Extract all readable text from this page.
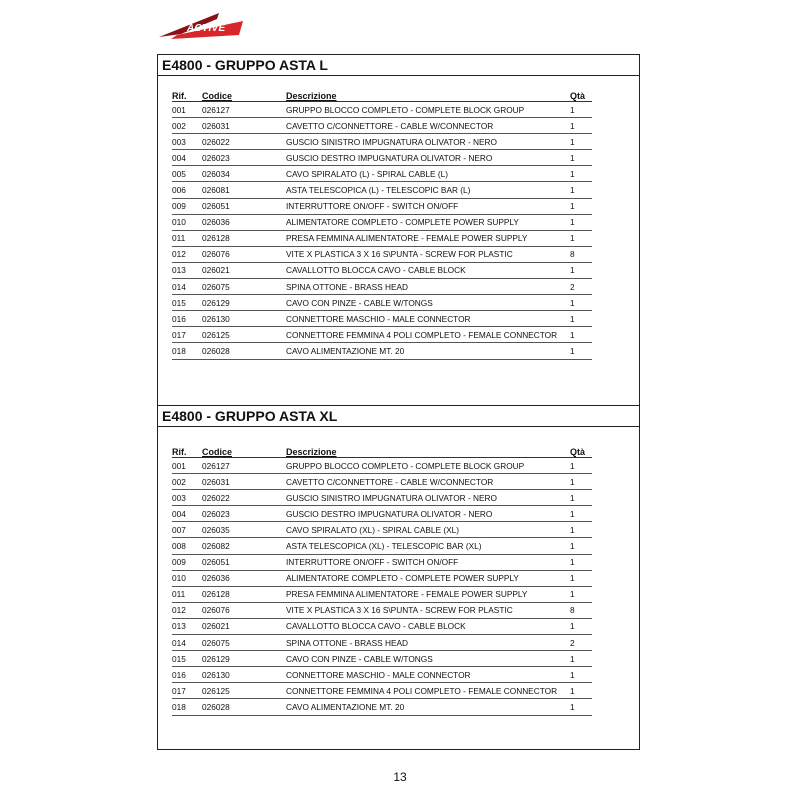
ACTIVE
E4800 - GRUPPO ASTA L
Rif.	Codice	Descrizione	Qtà
001	026127	GRUPPO BLOCCO COMPLETO - COMPLETE BLOCK GROUP	1
002	026031	CAVETTO C/CONNETTORE - CABLE W/CONNECTOR	1
003	026022	GUSCIO SINISTRO IMPUGNATURA OLIVATOR - NERO	1
004	026023	GUSCIO DESTRO IMPUGNATURA OLIVATOR - NERO	1
005	026034	CAVO SPIRALATO (L) - SPIRAL CABLE (L)	1
006	026081	ASTA TELESCOPICA (L) - TELESCOPIC BAR (L)	1
009	026051	INTERRUTTORE ON/OFF - SWITCH ON/OFF	1
010	026036	ALIMENTATORE COMPLETO - COMPLETE POWER SUPPLY	1
011	026128	PRESA FEMMINA ALIMENTATORE - FEMALE POWER SUPPLY	1
012	026076	VITE X PLASTICA 3 X 16 S\PUNTA - SCREW FOR PLASTIC	8
013	026021	CAVALLOTTO BLOCCA CAVO - CABLE BLOCK	1
014	026075	SPINA OTTONE - BRASS HEAD	2
015	026129	CAVO CON PINZE - CABLE W/TONGS	1
016	026130	CONNETTORE MASCHIO - MALE CONNECTOR	1
017	026125	CONNETTORE FEMMINA 4 POLI COMPLETO - FEMALE CONNECTOR	1
018	026028	CAVO ALIMENTAZIONE MT. 20	1
E4800 - GRUPPO ASTA XL
Rif.	Codice	Descrizione	Qtà
001	026127	GRUPPO BLOCCO COMPLETO - COMPLETE BLOCK GROUP	1
002	026031	CAVETTO C/CONNETTORE - CABLE W/CONNECTOR	1
003	026022	GUSCIO SINISTRO IMPUGNATURA OLIVATOR - NERO	1
004	026023	GUSCIO DESTRO IMPUGNATURA OLIVATOR - NERO	1
007	026035	CAVO SPIRALATO (XL) - SPIRAL CABLE (XL)	1
008	026082	ASTA TELESCOPICA (XL) - TELESCOPIC BAR (XL)	1
009	026051	INTERRUTTORE ON/OFF - SWITCH ON/OFF	1
010	026036	ALIMENTATORE COMPLETO - COMPLETE POWER SUPPLY	1
011	026128	PRESA FEMMINA ALIMENTATORE - FEMALE POWER SUPPLY	1
012	026076	VITE X PLASTICA 3 X 16 S\PUNTA - SCREW FOR PLASTIC	8
013	026021	CAVALLOTTO BLOCCA CAVO - CABLE BLOCK	1
014	026075	SPINA OTTONE - BRASS HEAD	2
015	026129	CAVO CON PINZE - CABLE W/TONGS	1
016	026130	CONNETTORE MASCHIO - MALE CONNECTOR	1
017	026125	CONNETTORE FEMMINA 4 POLI COMPLETO - FEMALE CONNECTOR	1
018	026028	CAVO ALIMENTAZIONE MT. 20	1
13
